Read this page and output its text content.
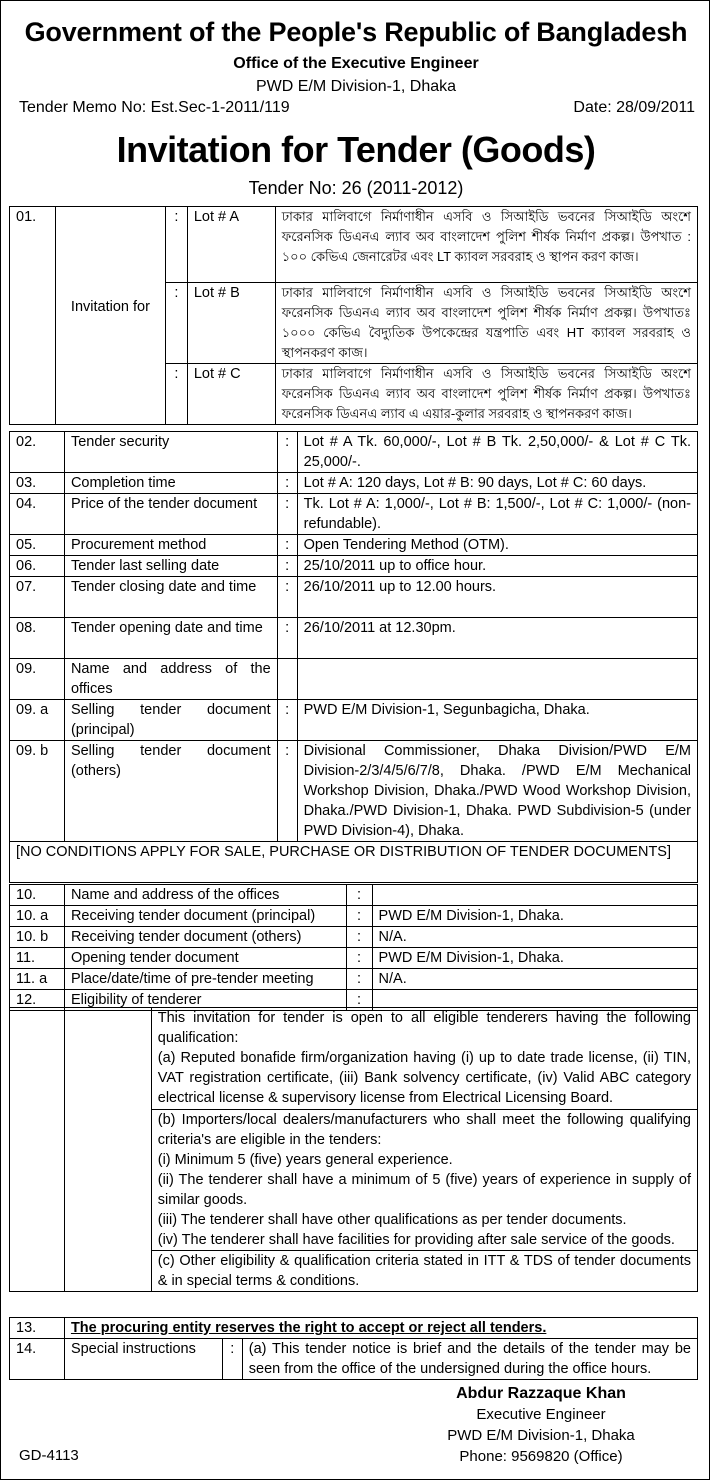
Government of the People's Republic of Bangladesh
Office of the Executive Engineer
PWD E/M Division-1, Dhaka
Tender Memo No: Est.Sec-1-2011/119	Date: 28/09/2011
Invitation for Tender (Goods)
Tender No: 26 (2011-2012)
01.	Invitation for	:	Lot # A	ঢাকার মালিবাগে নির্মাণাধীন এসবি ও সিআইডি ভবনের সিআইডি অংশে ফরেনসিক ডিএনএ ল্যাব অব বাংলাদেশ পুলিশ শীর্ষক নির্মাণ প্রকল্প। উপখাত : ১০০ কেভিএ জেনারেটর এবং LT ক্যাবল সরবরাহ ও স্থাপন করণ কাজ।
		:	Lot # B	ঢাকার মালিবাগে নির্মাণাধীন এসবি ও সিআইডি ভবনের সিআইডি অংশে ফরেনসিক ডিএনএ ল্যাব অব বাংলাদেশ পুলিশ শীর্ষক নির্মাণ প্রকল্প। উপখাতঃ ১০০০ কেভিএ বৈদ্যুতিক উপকেন্দ্রের যন্ত্রপাতি এবং HT ক্যাবল সরবরাহ ও স্থাপনকরণ কাজ।
		:	Lot # C	ঢাকার মালিবাগে নির্মাণাধীন এসবি ও সিআইডি ভবনের সিআইডি অংশে ফরেনসিক ডিএনএ ল্যাব অব বাংলাদেশ পুলিশ শীর্ষক নির্মাণ প্রকল্প। উপখাতঃ ফরেনসিক ডিএনএ ল্যাব এ এয়ার-কুলার সরবরাহ ও স্থাপনকরণ কাজ।
02.	Tender security	:	Lot # A Tk. 60,000/-, Lot # B Tk. 2,50,000/- & Lot # C Tk. 25,000/-.
03.	Completion time	:	Lot # A: 120 days, Lot # B: 90 days, Lot # C: 60 days.
04.	Price of the tender document	:	Tk. Lot # A: 1,000/-, Lot # B: 1,500/-, Lot # C: 1,000/- (non-refundable).
05.	Procurement method	:	Open Tendering Method (OTM).
06.	Tender last selling date	:	25/10/2011 up to office hour.
07.	Tender closing date and time	:	26/10/2011 up to 12.00 hours.
08.	Tender opening date and time	:	26/10/2011 at 12.30pm.
09.	Name and address of the offices		
09. a	Selling tender document (principal)	:	PWD E/M Division-1, Segunbagicha, Dhaka.
09. b	Selling tender document (others)	:	Divisional Commissioner, Dhaka Division/PWD E/M Division-2/3/4/5/6/7/8, Dhaka. /PWD E/M Mechanical Workshop Division, Dhaka./PWD Wood Workshop Division, Dhaka./PWD Division-1, Dhaka. PWD Subdivision-5 (under PWD Division-4), Dhaka.
[NO CONDITIONS APPLY FOR SALE, PURCHASE OR DISTRIBUTION OF TENDER DOCUMENTS]			
10.	Name and address of the offices	:	
10. a	Receiving tender document (principal)	:	PWD E/M Division-1, Dhaka.
10. b	Receiving tender document (others)	:	N/A.
11.	Opening tender document	:	PWD E/M Division-1, Dhaka.
11. a	Place/date/time of pre-tender meeting	:	N/A.
12.	Eligibility of tenderer	:	

This invitation for tender is open to all eligible tenderers having the following qualification:
(a) Reputed bonafide firm/organization having (i) up to date trade license, (ii) TIN, VAT registration certificate, (iii) Bank solvency certificate, (iv) Valid ABC category electrical license & supervisory license from Electrical Licensing Board.

(b) Importers/local dealers/manufacturers who shall meet the following qualifying criteria's are eligible in the tenders:
(i) Minimum 5 (five) years general experience.
(ii) The tenderer shall have a minimum of 5 (five) years of experience in supply of similar goods.
(iii) The tenderer shall have other qualifications as per tender documents.
(iv) The tenderer shall have facilities for providing after sale service of the goods.

(c) Other eligibility & qualification criteria stated in ITT & TDS of tender documents & in special terms & conditions.
13.	The procuring entity reserves the right to accept or reject all tenders.		
14.	Special instructions	:	(a) This tender notice is brief and the details of the tender may be seen from the office of the undersigned during the office hours.
Abdur Razzaque Khan
Executive Engineer
PWD E/M Division-1, Dhaka
Phone: 9569820 (Office)
GD-4113
